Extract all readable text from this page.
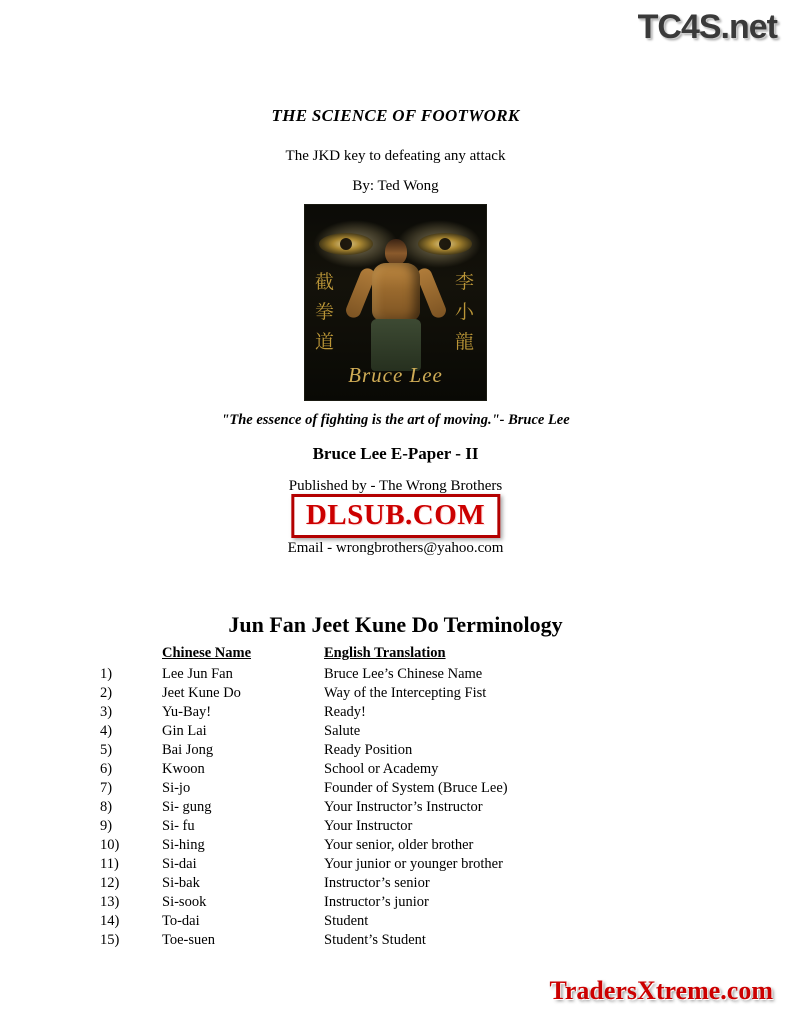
TC4S.net
THE SCIENCE OF FOOTWORK
The JKD key to defeating any attack
By: Ted Wong
截
拳
道
李
小
龍
Bruce Lee
"The essence of fighting is the art of moving."- Bruce Lee
Bruce Lee E-Paper - II
Published by - The Wrong Brothers
DLSUB.COM
Email - wrongbrothers@yahoo.com
Jun Fan Jeet Kune Do Terminology
	Chinese Name	English Translation
1)	Lee Jun Fan	Bruce Lee’s Chinese Name
2)	Jeet Kune Do	Way of the Intercepting Fist
3)	Yu-Bay!	Ready!
4)	Gin Lai	Salute
5)	Bai Jong	Ready Position
6)	Kwoon	School or Academy
7)	Si-jo	Founder of System (Bruce Lee)
8)	Si- gung	Your Instructor’s Instructor
9)	Si- fu	Your Instructor
10)	Si-hing	Your senior, older brother
11)	Si-dai	Your junior or younger brother
12)	Si-bak	Instructor’s senior
13)	Si-sook	Instructor’s junior
14)	To-dai	Student
15)	Toe-suen	Student’s Student
TradersXtreme.com
